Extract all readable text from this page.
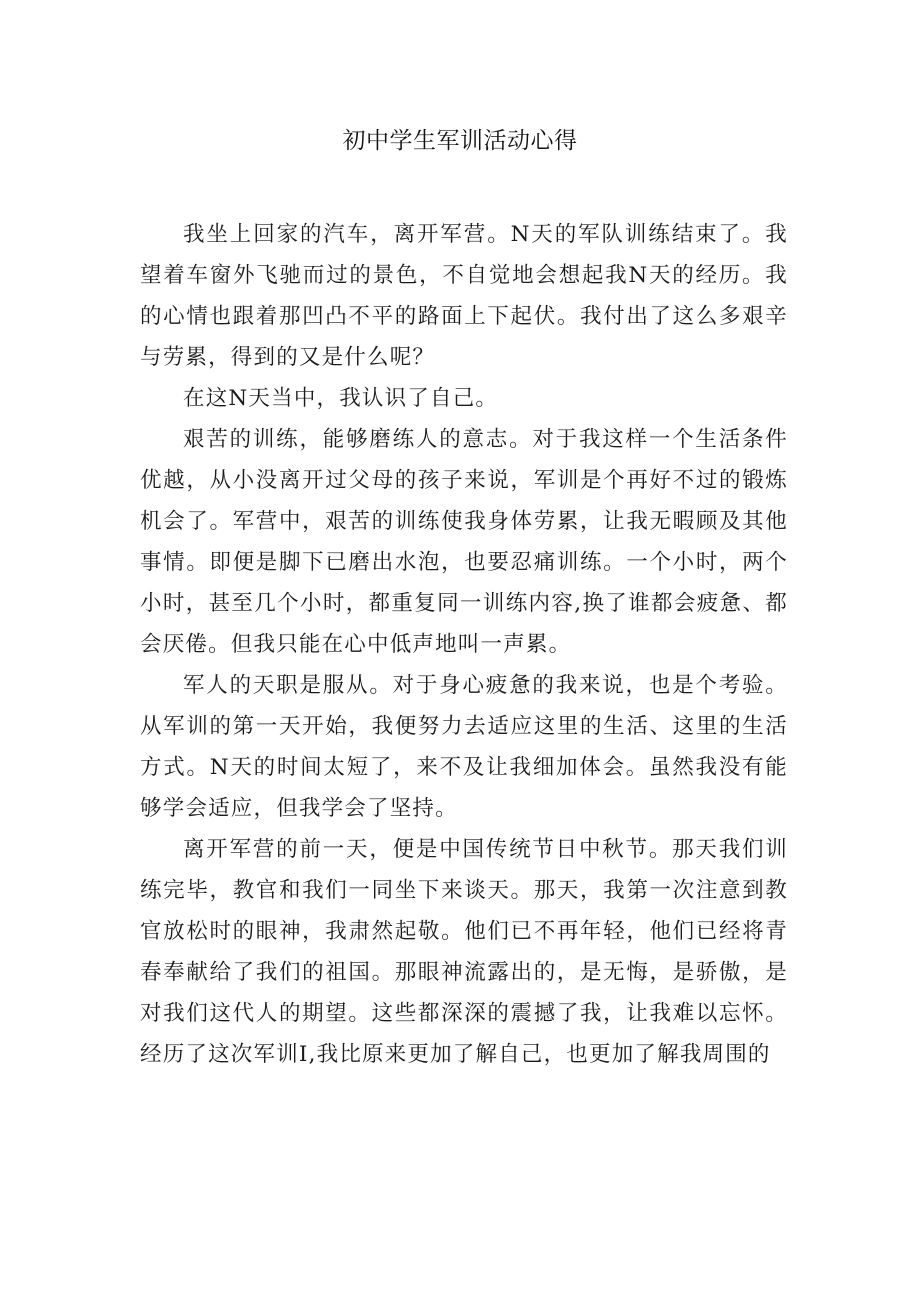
初中学生军训活动心得

我坐上回家的汽车，离开军营。N天的军队训练结束了。我望着车窗外飞驰而过的景色，不自觉地会想起我N天的经历。我的心情也跟着那凹凸不平的路面上下起伏。我付出了这么多艰辛与劳累，得到的又是什么呢？

在这N天当中，我认识了自己。

艰苦的训练，能够磨练人的意志。对于我这样一个生活条件优越，从小没离开过父母的孩子来说，军训是个再好不过的锻炼机会了。军营中，艰苦的训练使我身体劳累，让我无暇顾及其他事情。即便是脚下已磨出水泡，也要忍痛训练。一个小时，两个小时，甚至几个小时，都重复同一训练内容,换了谁都会疲惫、都会厌倦。但我只能在心中低声地叫一声累。

军人的天职是服从。对于身心疲惫的我来说，也是个考验。从军训的第一天开始，我便努力去适应这里的生活、这里的生活方式。N天的时间太短了，来不及让我细加体会。虽然我没有能够学会适应，但我学会了坚持。

离开军营的前一天，便是中国传统节日中秋节。那天我们训练完毕，教官和我们一同坐下来谈天。那天，我第一次注意到教官放松时的眼神，我肃然起敬。他们已不再年轻，他们已经将青春奉献给了我们的祖国。那眼神流露出的，是无悔，是骄傲，是对我们这代人的期望。这些都深深的震撼了我，让我难以忘怀。经历了这次军训I,我比原来更加了解自己，也更加了解我周围的
